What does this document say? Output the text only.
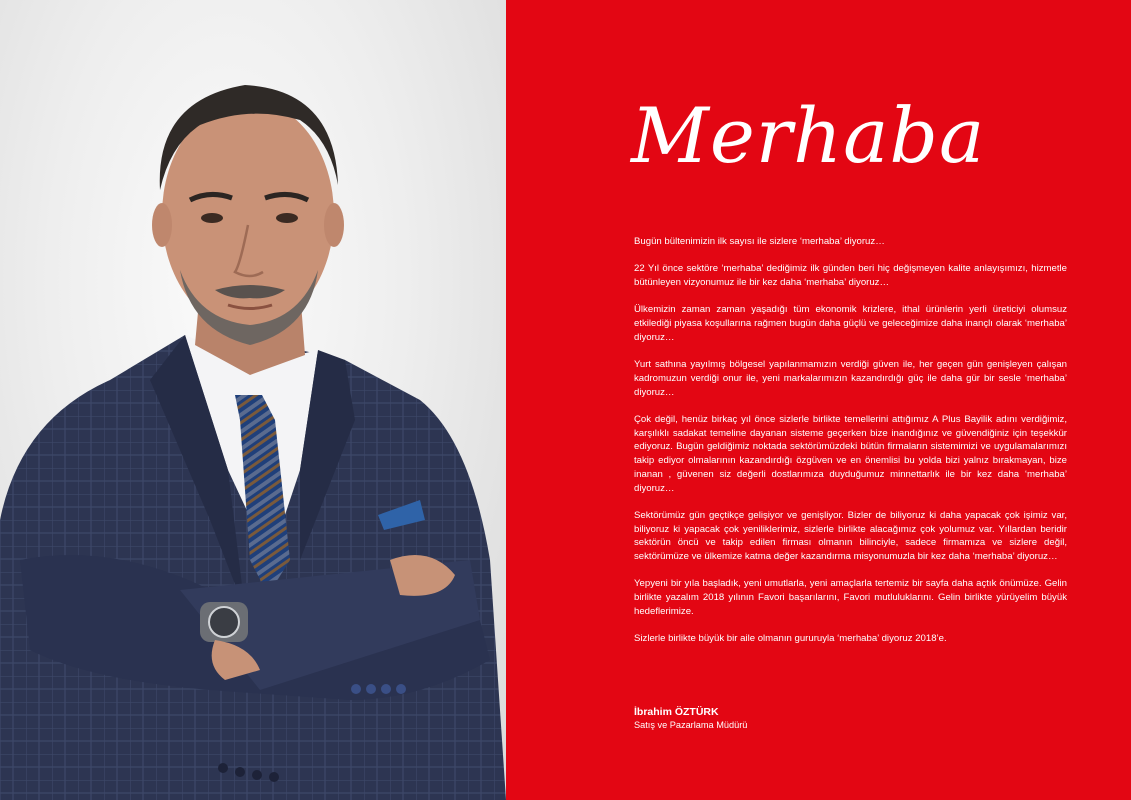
Merhaba

Bugün bültenimizin ilk sayısı ile sizlere ‘merhaba’ diyoruz…

22 Yıl önce sektöre ‘merhaba’ dediğimiz ilk günden beri hiç değişmeyen kalite anlayışımızı, hizmetle bütünleyen vizyonumuz ile bir kez daha ‘merhaba’ diyoruz…

Ülkemizin zaman zaman yaşadığı tüm ekonomik krizlere, ithal ürünlerin yerli üreticiyi olumsuz etkilediği piyasa koşullarına rağmen bugün daha güçlü ve geleceğimize daha inançlı olarak ‘merhaba’ diyoruz…

Yurt sathına yayılmış bölgesel yapılanmamızın verdiği güven ile, her geçen gün genişleyen çalışan kadromuzun verdiği onur ile, yeni markalarımızın kazandırdığı güç ile daha gür bir sesle ‘merhaba’ diyoruz…

Çok değil, henüz birkaç yıl önce sizlerle birlikte temellerini attığımız A Plus Bayilik adını verdiğimiz, karşılıklı sadakat temeline dayanan sisteme geçerken bize inandığınız ve güvendiğiniz için teşekkür ediyoruz. Bugün geldiğimiz noktada sektörümüzdeki bütün firmaların sistemimizi ve uygulamalarımızı takip ediyor olmalarının kazandırdığı özgüven ve en önemlisi bu yolda bizi yalnız bırakmayan, bize inanan , güvenen siz değerli dostlarımıza duyduğumuz minnettarlık ile bir kez daha ‘merhaba’ diyoruz…

Sektörümüz gün geçtikçe gelişiyor ve genişliyor. Bizler de biliyoruz ki daha yapacak çok işimiz var, biliyoruz ki yapacak çok yeniliklerimiz, sizlerle birlikte alacağımız çok yolumuz var. Yıllardan beridir sektörün öncü ve takip edilen firması olmanın bilinciyle, sadece firmamıza ve sizlere değil, sektörümüze ve ülkemize katma değer kazandırma misyonumuzla bir kez daha ‘merhaba’ diyoruz…

Yepyeni bir yıla başladık, yeni umutlarla, yeni amaçlarla tertemiz bir sayfa daha açtık önümüze. Gelin birlikte yazalım 2018 yılının Favori başarılarını, Favori mutluluklarını. Gelin birlikte yürüyelim büyük hedeflerimize.

Sizlerle birlikte büyük bir aile olmanın gururuyla ‘merhaba’ diyoruz 2018’e.

İbrahim ÖZTÜRK
Satış ve Pazarlama Müdürü
